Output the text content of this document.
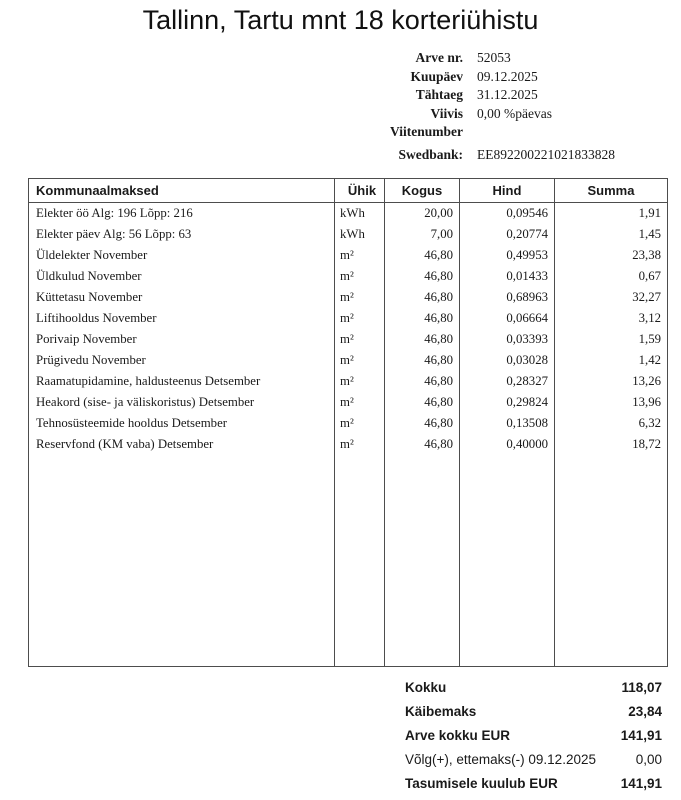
Tallinn, Tartu mnt 18 korteriühistu
Arve nr.	52053
Kuupäev	09.12.2025
Tähtaeg	31.12.2025
Viivis	0,00 %päevas
Viitenumber
Swedbank:	EE892200221021833828
Kommunaalmaksed	Ühik	Kogus	Hind	Summa
Elekter öö Alg: 196 Lõpp: 216	kWh	20,00	0,09546	1,91
Elekter päev Alg: 56 Lõpp: 63	kWh	7,00	0,20774	1,45
Üldelekter November	m²	46,80	0,49953	23,38
Üldkulud November	m²	46,80	0,01433	0,67
Küttetasu November	m²	46,80	0,68963	32,27
Liftihooldus November	m²	46,80	0,06664	3,12
Porivaip November	m²	46,80	0,03393	1,59
Prügivedu November	m²	46,80	0,03028	1,42
Raamatupidamine, haldusteenus Detsember	m²	46,80	0,28327	13,26
Heakord (sise- ja väliskoristus) Detsember	m²	46,80	0,29824	13,96
Tehnosüsteemide hooldus Detsember	m²	46,80	0,13508	6,32
Reservfond (KM vaba) Detsember	m²	46,80	0,40000	18,72
Kokku	118,07
Käibemaks	23,84
Arve kokku EUR	141,91
Võlg(+), ettemaks(-) 09.12.2025	0,00
Tasumisele kuulub EUR	141,91
